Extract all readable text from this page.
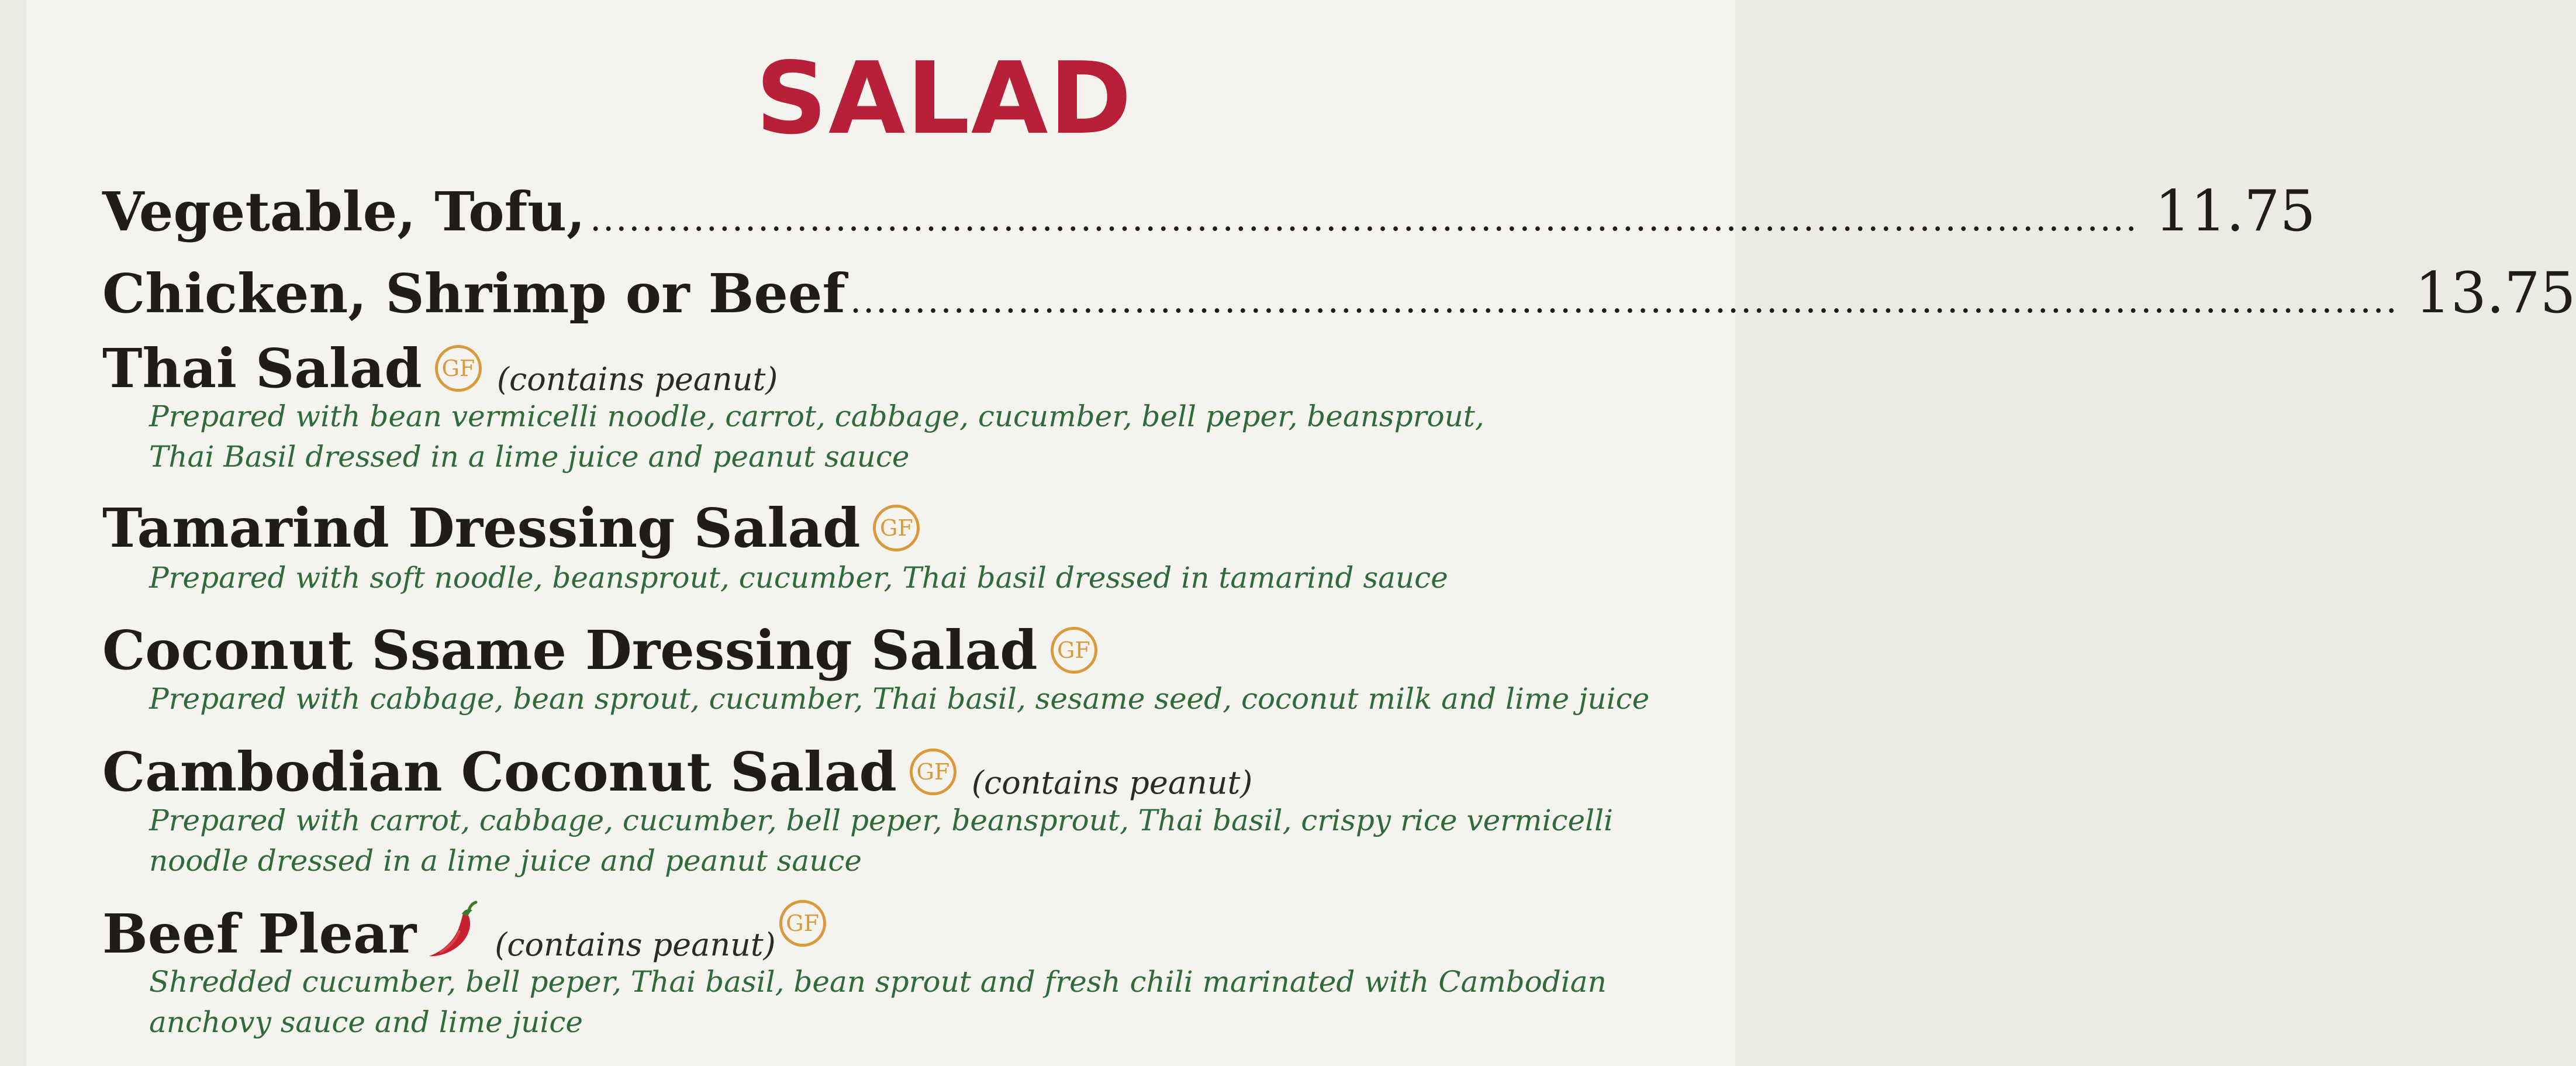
SALAD
Vegetable, Tofu, ........................................................................................................................ 11.75
Chicken, Shrimp or Beef ........................................................................................................................ 13.75
Thai Salad GF (contains peanut)
Prepared with bean vermicelli noodle, carrot, cabbage, cucumber, bell peper, beansprout,
Thai Basil dressed in a lime juice and peanut sauce
Tamarind Dressing Salad GF
Prepared with soft noodle, beansprout, cucumber, Thai basil dressed in tamarind sauce
Coconut Ssame Dressing Salad GF
Prepared with cabbage, bean sprout, cucumber, Thai basil, sesame seed, coconut milk and lime juice
Cambodian Coconut Salad GF (contains peanut)
Prepared with carrot, cabbage, cucumber, bell peper, beansprout, Thai basil, crispy rice vermicelli
noodle dressed in a lime juice and peanut sauce
Beef Plear (contains peanut)
GF
Shredded cucumber, bell peper, Thai basil, bean sprout and fresh chili marinated with Cambodian
anchovy sauce and lime juice
